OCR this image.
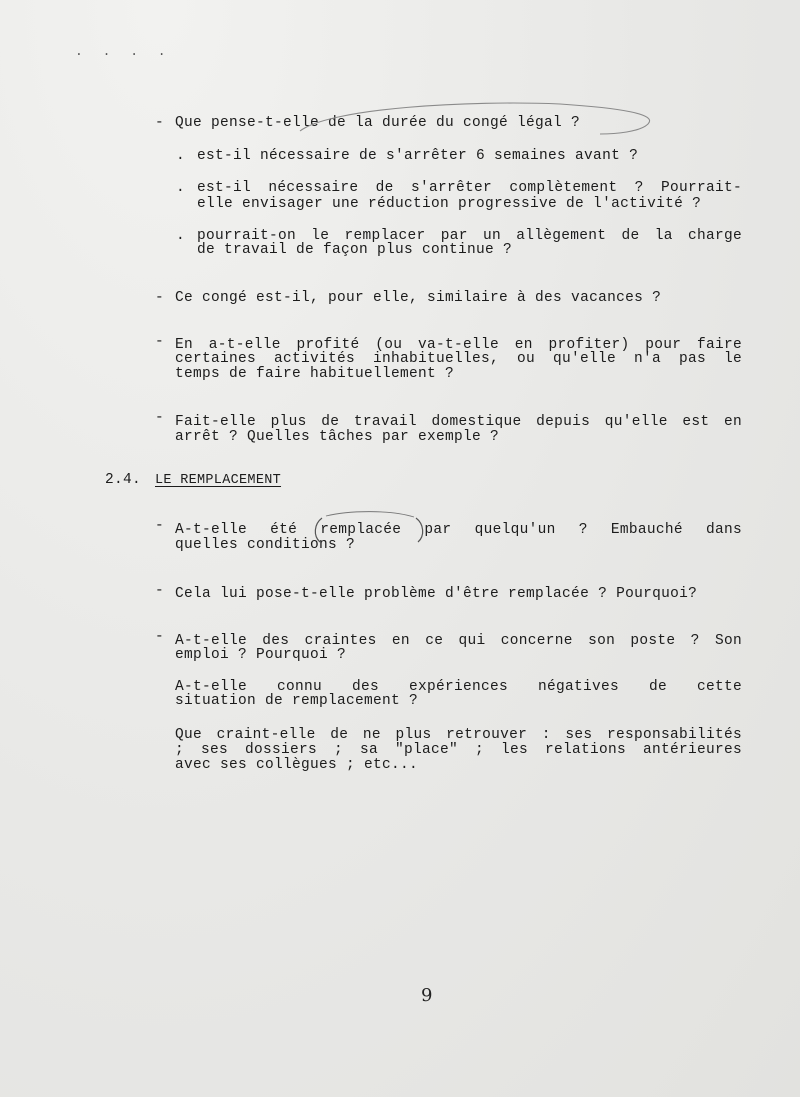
. . . .
- Que pense-t-elle de la durée du congé légal ?
. est-il nécessaire de s'arrêter 6 semaines avant ?
. est-il nécessaire de s'arrêter complètement ? Pourrait-
elle envisager une réduction progressive de l'activité ?
. pourrait-on le remplacer par un allègement de la charge
de travail de façon plus continue ?
- Ce congé est-il, pour elle, similaire à des vacances ?
- En a-t-elle profité (ou va-t-elle en profiter) pour faire
certaines activités inhabituelles, ou qu'elle n'a pas le
temps de faire habituellement ?
- Fait-elle plus de travail domestique depuis qu'elle est en
arrêt ? Quelles tâches par exemple ?
2.4. LE REMPLACEMENT
- A-t-elle été remplacée par quelqu'un ? Embauché dans
quelles conditions ?
- Cela lui pose-t-elle problème d'être remplacée ? Pourquoi?
- A-t-elle des craintes en ce qui concerne son poste ? Son
emploi ? Pourquoi ?
A-t-elle connu des expériences négatives de cette
situation de remplacement ?
Que craint-elle de ne plus retrouver : ses responsabilités
; ses dossiers ; sa "place" ; les relations antérieures
avec ses collègues ; etc...
9
